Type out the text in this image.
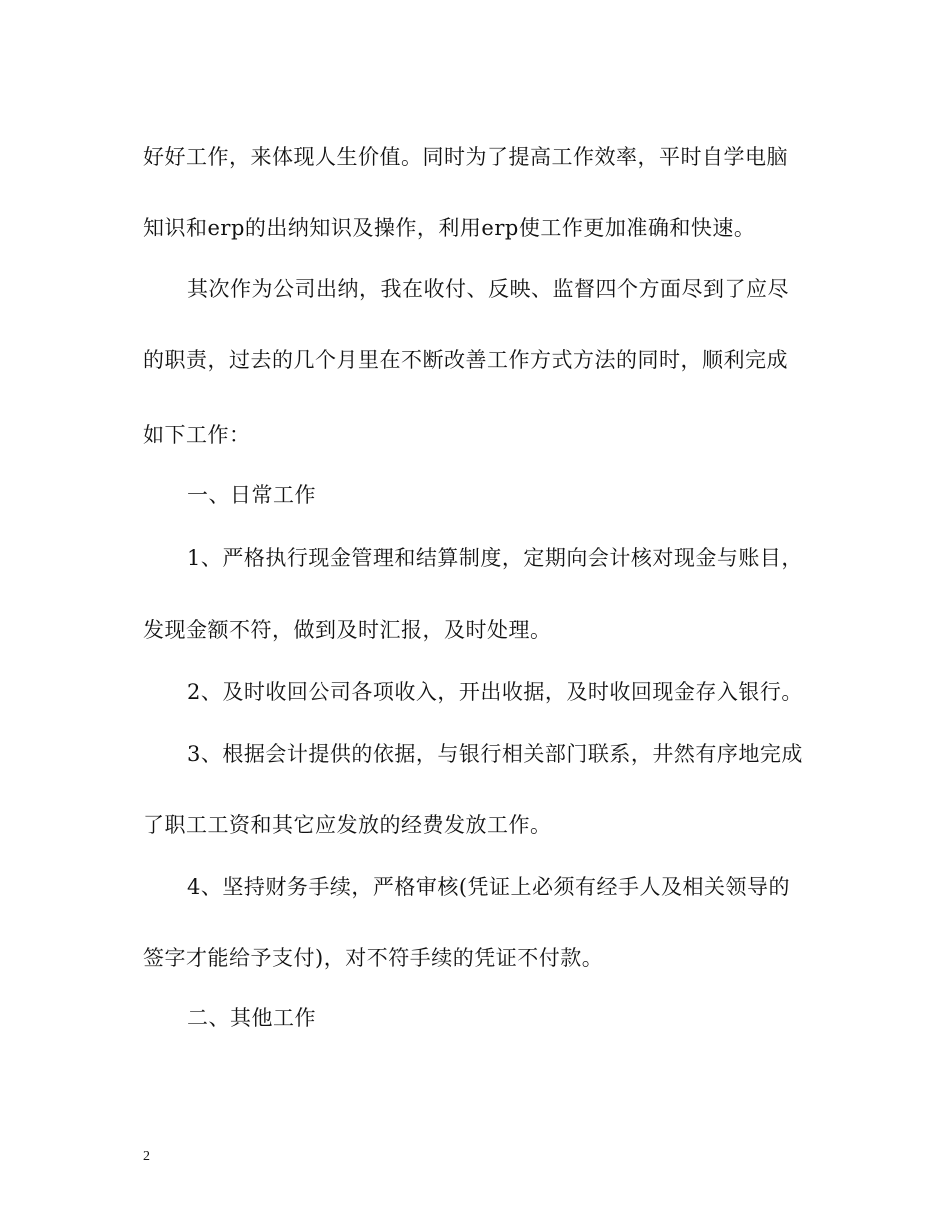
好好工作，来体现人生价值。同时为了提高工作效率，平时自学电脑
知识和erp的出纳知识及操作，利用erp使工作更加准确和快速。
其次作为公司出纳，我在收付、反映、监督四个方面尽到了应尽
的职责，过去的几个月里在不断改善工作方式方法的同时，顺利完成
如下工作：
一、日常工作
1、严格执行现金管理和结算制度，定期向会计核对现金与账目，
发现金额不符，做到及时汇报，及时处理。
2、及时收回公司各项收入，开出收据，及时收回现金存入银行。
3、根据会计提供的依据，与银行相关部门联系，井然有序地完成
了职工工资和其它应发放的经费发放工作。
4、坚持财务手续，严格审核(凭证上必须有经手人及相关领导的
签字才能给予支付)，对不符手续的凭证不付款。
二、其他工作
2
